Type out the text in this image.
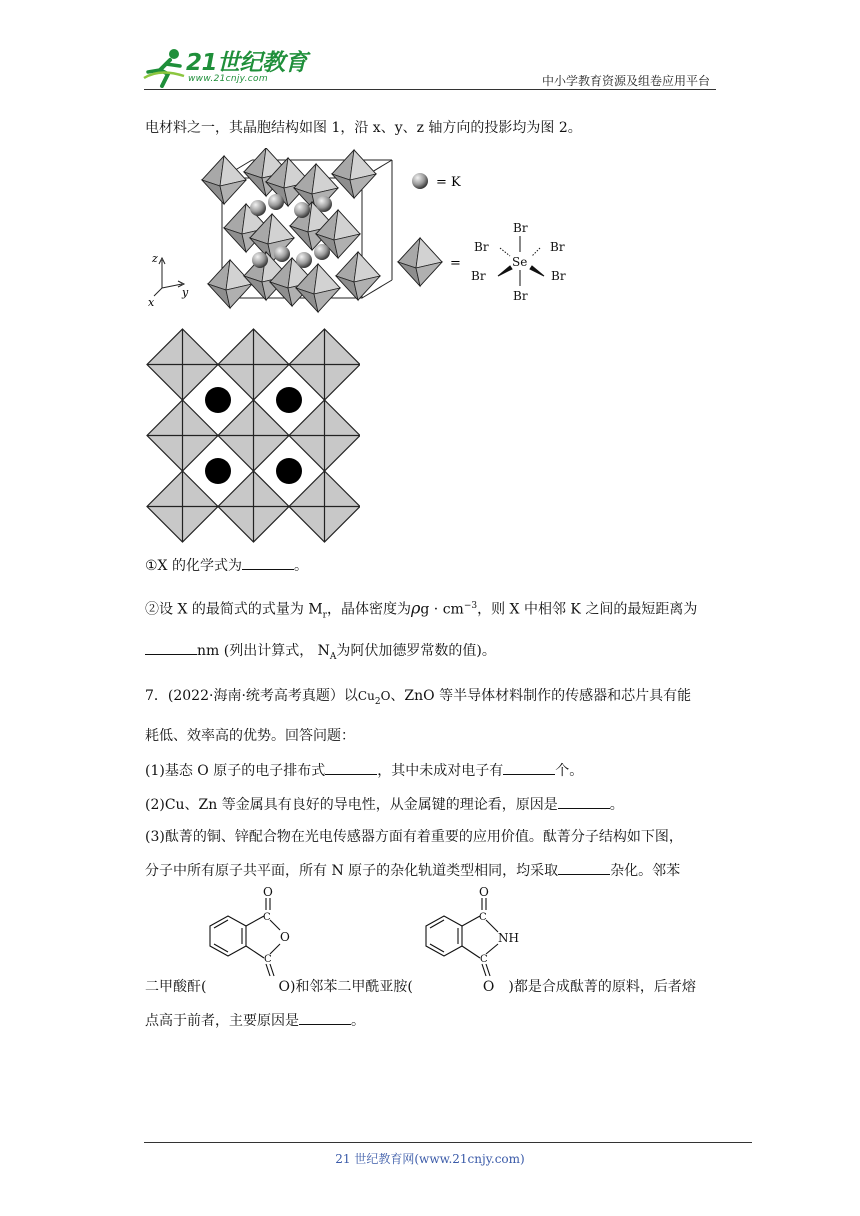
21世纪教育
www.21cnjy.com	中小学教育资源及组卷应用平台
电材料之一，其晶胞结构如图 1，沿 x、y、z 轴方向的投影均为图 2。
z
y
x
= K
=
Br
Br
Br	Br
Br	Br
Se
①X 的化学式为	。
②设 X 的最简式的式量为 $M_r$，晶体密度为$\rho g \cdot cm^{-3}$，则 X 中相邻 K 之间的最短距离为
nm (列出计算式， $N_A$为阿伏加德罗常数的值)。
7．(2022·海南·统考高考真题）以$Cu_2O$、ZnO 等半导体材料制作的传感器和芯片具有能
耗低、效率高的优势。回答问题：
(1)基态 O 原子的电子排布式	，其中未成对电子有	个。
(2)Cu、Zn 等金属具有良好的导电性，从金属键的理论看，原因是	。
(3)酞菁的铜、锌配合物在光电传感器方面有着重要的应用价值。酞菁分子结构如下图，
分子中所有原子共平面，所有 N 原子的杂化轨道类型相同，均采取	杂化。邻苯
O
C
O
C
O
C
NH
C
二甲酸酐(	O)和邻苯二甲酰亚胺(	O )都是合成酞菁的原料，后者熔
点高于前者，主要原因是	。
21 世纪教育网(www.21cnjy.com)
